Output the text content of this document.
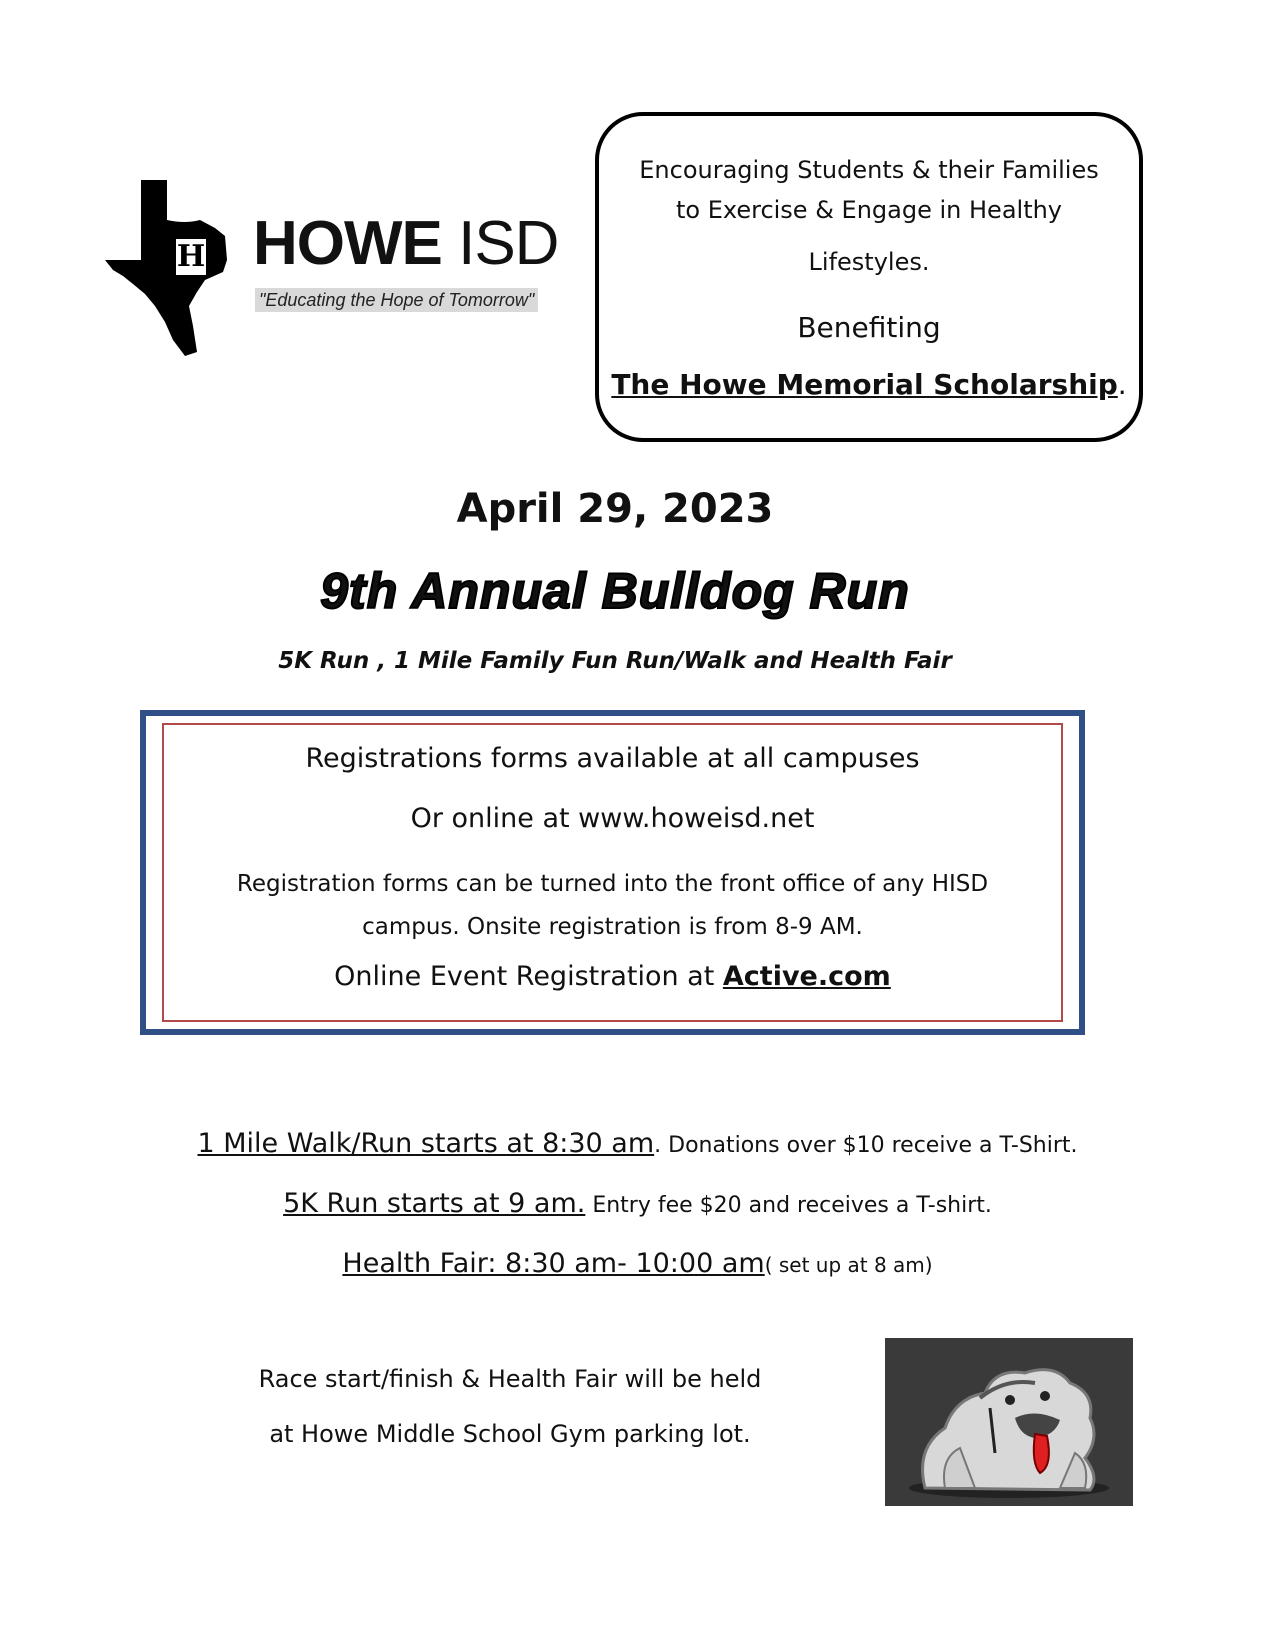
H HOWE ISD
"Educating the Hope of Tomorrow"
Encouraging Students & their Families
to Exercise & Engage in Healthy
Lifestyles.
Benefiting
The Howe Memorial Scholarship.
April 29, 2023
9th Annual Bulldog Run
5K Run , 1 Mile Family Fun Run/Walk and Health Fair
Registrations forms available at all campuses
Or online at www.howeisd.net
Registration forms can be turned into the front office of any HISD campus. Onsite registration is from 8-9 AM.
Online Event Registration at Active.com
1 Mile Walk/Run starts at 8:30 am. Donations over $10 receive a T-Shirt.
5K Run starts at 9 am. Entry fee $20 and receives a T-shirt.
Health Fair: 8:30 am- 10:00 am( set up at 8 am)
Race start/finish & Health Fair will be held
at Howe Middle School Gym parking lot.
